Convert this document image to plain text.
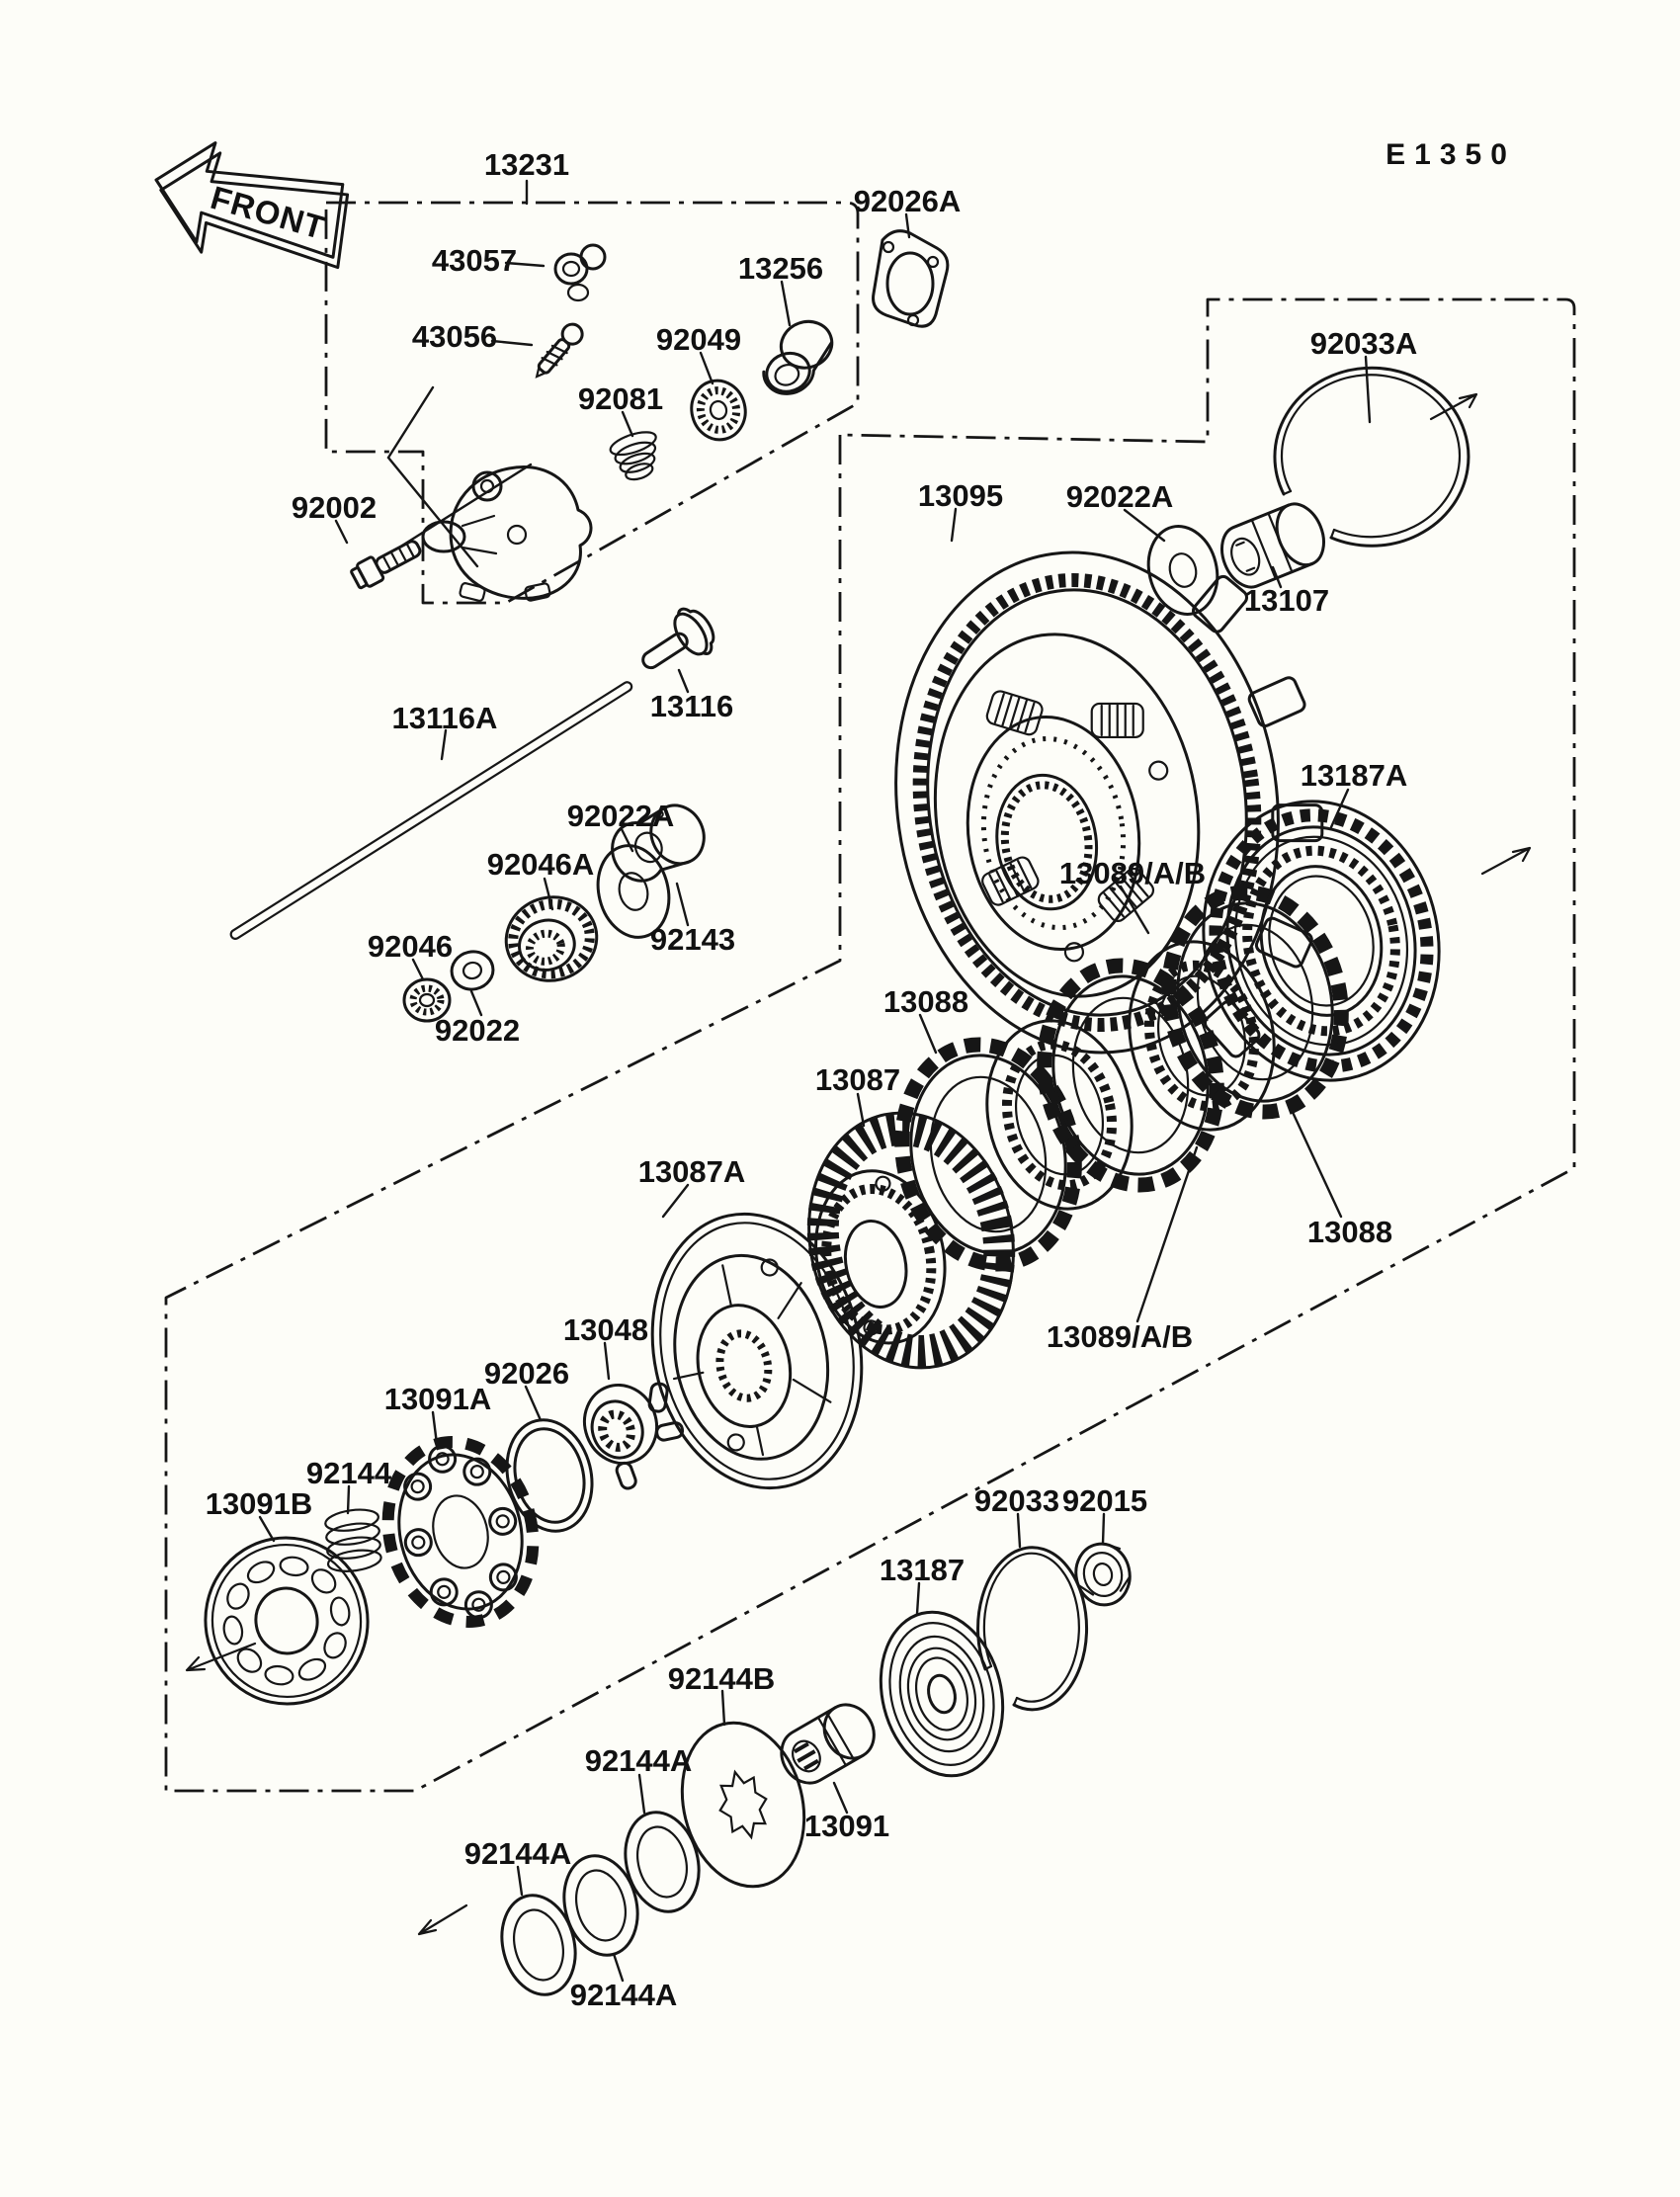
FRONT
E1350
13231
43057
43056
92081
92049
13256
92026A
92002
92033A
13095 92022A
13107
13116A	13116
92022A
92046A
92143
92046
92022
13187A
13089/A/B
13088
13087
13088
13089/A/B
13087A
13048
92026
13091A
92144
13091B	92033 92015
13187
13091
92144B
92144A
92144A
92144A
